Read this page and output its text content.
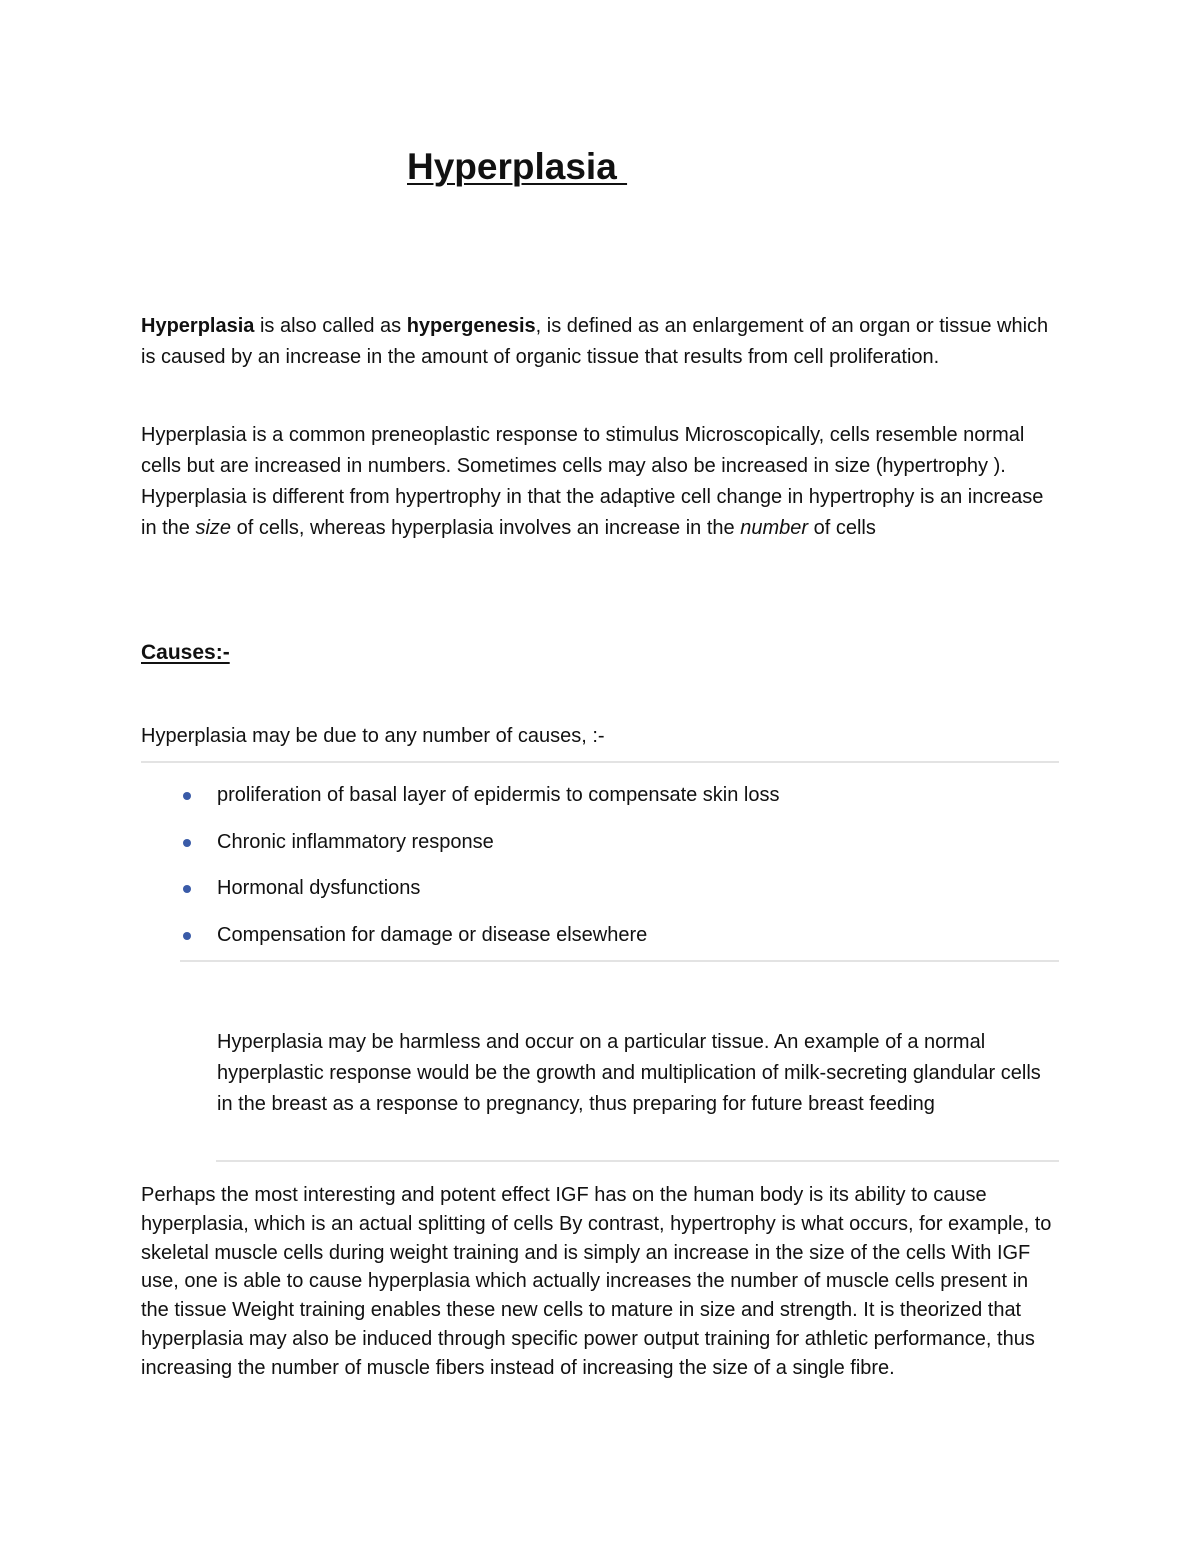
Hyperplasia

Hyperplasia is also called as hypergenesis, is defined as an enlargement of an organ or tissue which is caused by an increase in the amount of organic tissue that results from cell proliferation.

Hyperplasia is a common preneoplastic response to stimulus Microscopically, cells resemble normal cells but are increased in numbers. Sometimes cells may also be increased in size (hypertrophy ). Hyperplasia is different from hypertrophy in that the adaptive cell change in hypertrophy is an increase in the size of cells, whereas hyperplasia involves an increase in the number of cells

Causes:-

Hyperplasia may be due to any number of causes, :-

proliferation of basal layer of epidermis to compensate skin loss
Chronic inflammatory response
Hormonal dysfunctions
Compensation for damage or disease elsewhere

Hyperplasia may be harmless and occur on a particular tissue. An example of a normal hyperplastic response would be the growth and multiplication of milk-secreting glandular cells in the breast as a response to pregnancy, thus preparing for future breast feeding

Perhaps the most interesting and potent effect IGF has on the human body is its ability to cause hyperplasia, which is an actual splitting of cells By contrast, hypertrophy is what occurs, for example, to skeletal muscle cells during weight training and is simply an increase in the size of the cells With IGF use, one is able to cause hyperplasia which actually increases the number of muscle cells present in the tissue Weight training enables these new cells to mature in size and strength. It is theorized that hyperplasia may also be induced through specific power output training for athletic performance, thus increasing the number of muscle fibers instead of increasing the size of a single fibre.
